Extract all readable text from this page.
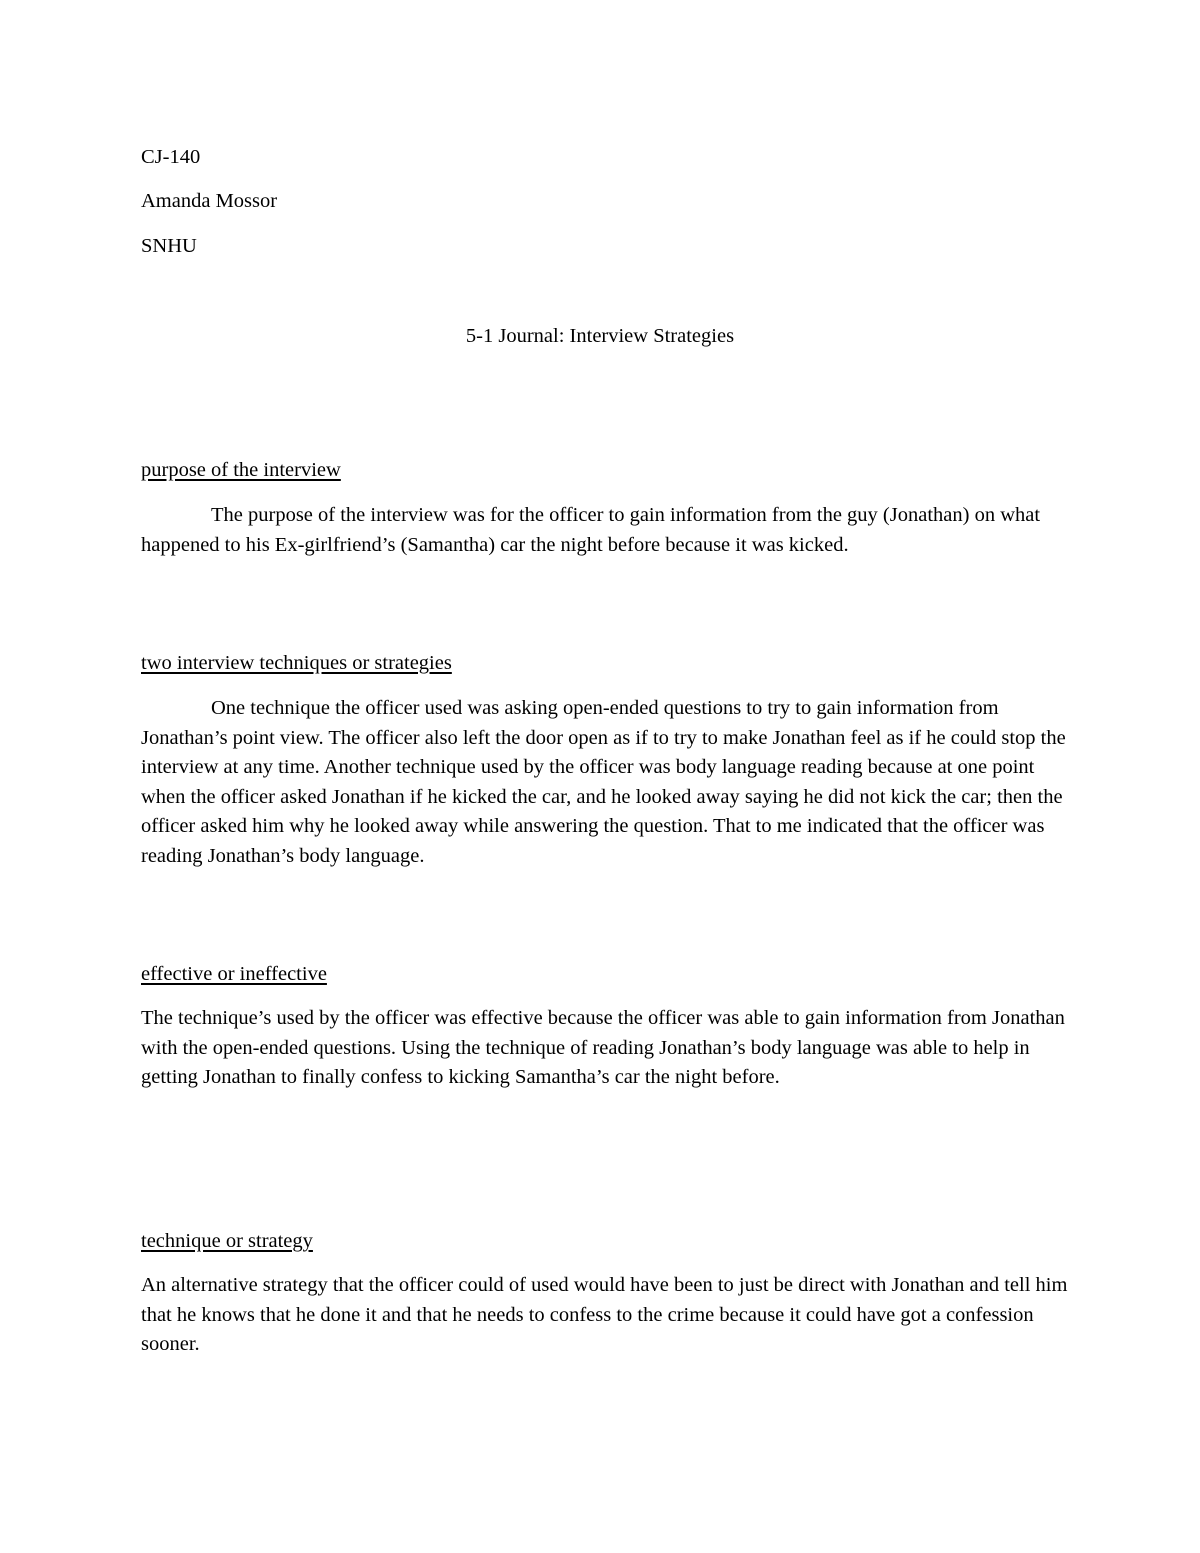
CJ-140
Amanda Mossor
SNHU
5-1 Journal: Interview Strategies
purpose of the interview

The purpose of the interview was for the officer to gain information from the guy (Jonathan) on what happened to his Ex-girlfriend’s (Samantha) car the night before because it was kicked.

two interview techniques or strategies

One technique the officer used was asking open-ended questions to try to gain information from Jonathan’s point view. The officer also left the door open as if to try to make Jonathan feel as if he could stop the interview at any time. Another technique used by the officer was body language reading because at one point when the officer asked Jonathan if he kicked the car, and he looked away saying he did not kick the car; then the officer asked him why he looked away while answering the question. That to me indicated that the officer was reading Jonathan’s body language.

effective or ineffective

The technique’s used by the officer was effective because the officer was able to gain information from Jonathan with the open-ended questions. Using the technique of reading Jonathan’s body language was able to help in getting Jonathan to finally confess to kicking Samantha’s car the night before.

technique or strategy

An alternative strategy that the officer could of used would have been to just be direct with Jonathan and tell him that he knows that he done it and that he needs to confess to the crime because it could have got a confession sooner.
